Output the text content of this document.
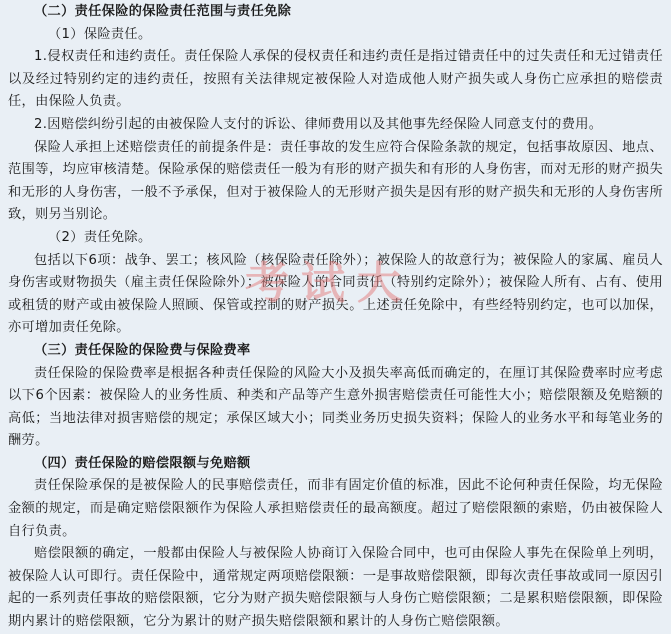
（二）责任保险的保险责任范围与责任免除

（1）保险责任。

1.侵权责任和违约责任。责任保险人承保的侵权责任和违约责任是指过错责任中的过失责任和无过错责任以及经过特别约定的违约责任，按照有关法律规定被保险人对造成他人财产损失或人身伤亡应承担的赔偿责任，由保险人负责。

2.因赔偿纠纷引起的由被保险人支付的诉讼、律师费用以及其他事先经保险人同意支付的费用。

保险人承担上述赔偿责任的前提条件是：责任事故的发生应符合保险条款的规定，包括事故原因、地点、范围等，均应审核清楚。保险承保的赔偿责任一般为有形的财产损失和有形的人身伤害，而对无形的财产损失和无形的人身伤害，一般不予承保，但对于被保险人的无形财产损失是因有形的财产损失和无形的人身伤害所致，则另当别论。

（2）责任免除。

包括以下6项：战争、罢工；核风险（核保险责任除外）；被保险人的故意行为；被保险人的家属、雇员人身伤害或财物损失（雇主责任保险除外）；被保险人的合同责任（特别约定除外）；被保险人所有、占有、使用或租赁的财产或由被保险人照顾、保管或控制的财产损失。上述责任免除中，有些经特别约定，也可以加保，亦可增加责任免除。

（三）责任保险的保险费与保险费率

责任保险的保险费率是根据各种责任保险的风险大小及损失率高低而确定的，在厘订其保险费率时应考虑以下6个因素：被保险人的业务性质、种类和产品等产生意外损害赔偿责任可能性大小；赔偿限额及免赔额的高低；当地法律对损害赔偿的规定；承保区域大小；同类业务历史损失资料；保险人的业务水平和每笔业务的酬劳。

（四）责任保险的赔偿限额与免赔额

责任保险承保的是被保险人的民事赔偿责任，而非有固定价值的标准，因此不论何种责任保险，均无保险金额的规定，而是确定赔偿限额作为保险人承担赔偿责任的最高额度。超过了赔偿限额的索赔，仍由被保险人自行负责。

赔偿限额的确定，一般都由保险人与被保险人协商订入保险合同中，也可由保险人事先在保险单上列明，被保险人认可即行。责任保险中，通常规定两项赔偿限额：一是事故赔偿限额，即每次责任事故或同一原因引起的一系列责任事故的赔偿限额，它分为财产损失赔偿限额与人身伤亡赔偿限额；二是累积赔偿限额，即保险期内累计的赔偿限额，它分为累计的财产损失赔偿限额和累计的人身伤亡赔偿限额。

考试大
